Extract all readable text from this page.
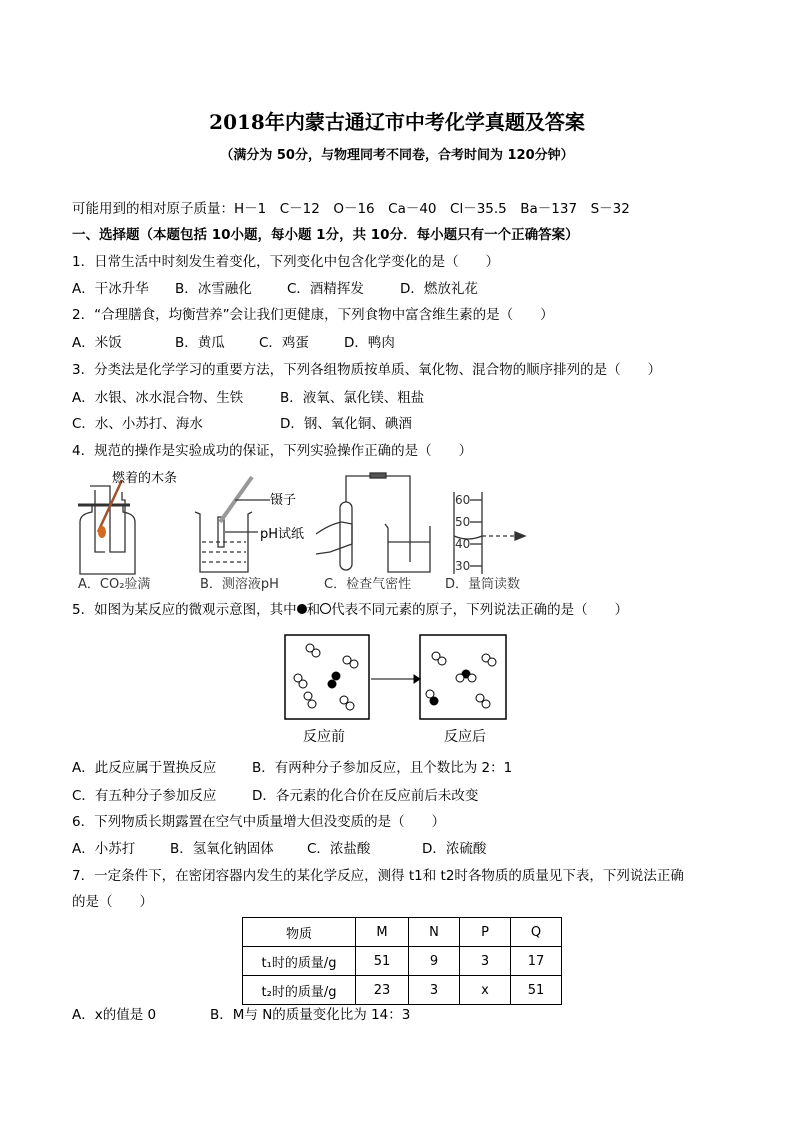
2018年内蒙古通辽市中考化学真题及答案
（满分为 50分，与物理同考不同卷，合考时间为 120分钟）
可能用到的相对原子质量：H－1　C－12　O－16　Ca－40　Cl－35.5　Ba－137　S－32
一、选择题（本题包括 10小题，每小题 1分，共 10分．每小题只有一个正确答案）
1．日常生活中时刻发生着变化，下列变化中包含化学变化的是（　　）
A．干冰升华 B．冰雪融化	C．酒精挥发	D．燃放礼花
2．“合理膳食，均衡营养”会让我们更健康，下列食物中富含维生素的是（　　）
A．米饭	B．黄瓜	C．鸡蛋	D．鸭肉
3．分类法是化学学习的重要方法，下列各组物质按单质、氧化物、混合物的顺序排列的是（　　）
A．水银、冰水混合物、生铁	B．液氧、氯化镁、粗盐
C．水、小苏打、海水	D．钢、氧化铜、碘酒
4．规范的操作是实验成功的保证，下列实验操作正确的是（　　）
燃着的木条
A．CO₂验满
镊子
pH试纸
B．测溶液pH	C．检查气密性
60
50
40
30
D．量筒读数
5．如图为某反应的微观示意图，其中 和 代表不同元素的原子，下列说法正确的是（　　）
反应前	反应后
A．此反应属于置换反应	B．有两种分子参加反应，且个数比为 2：1
C．有五种分子参加反应	D．各元素的化合价在反应前后未改变
6．下列物质长期露置在空气中质量增大但没变质的是（　　）
A．小苏打	B．氢氧化钠固体 C．浓盐酸	D．浓硫酸
7．一定条件下，在密闭容器内发生的某化学反应，测得 t1和 t2时各物质的质量见下表，下列说法正确
的是（　　）
物质	M	N	P	Q
t₁时的质量/g	51	9	3	17
t₂时的质量/g	23	3	x	51
A．x的值是 0	B．M与 N的质量变化比为 14：3
